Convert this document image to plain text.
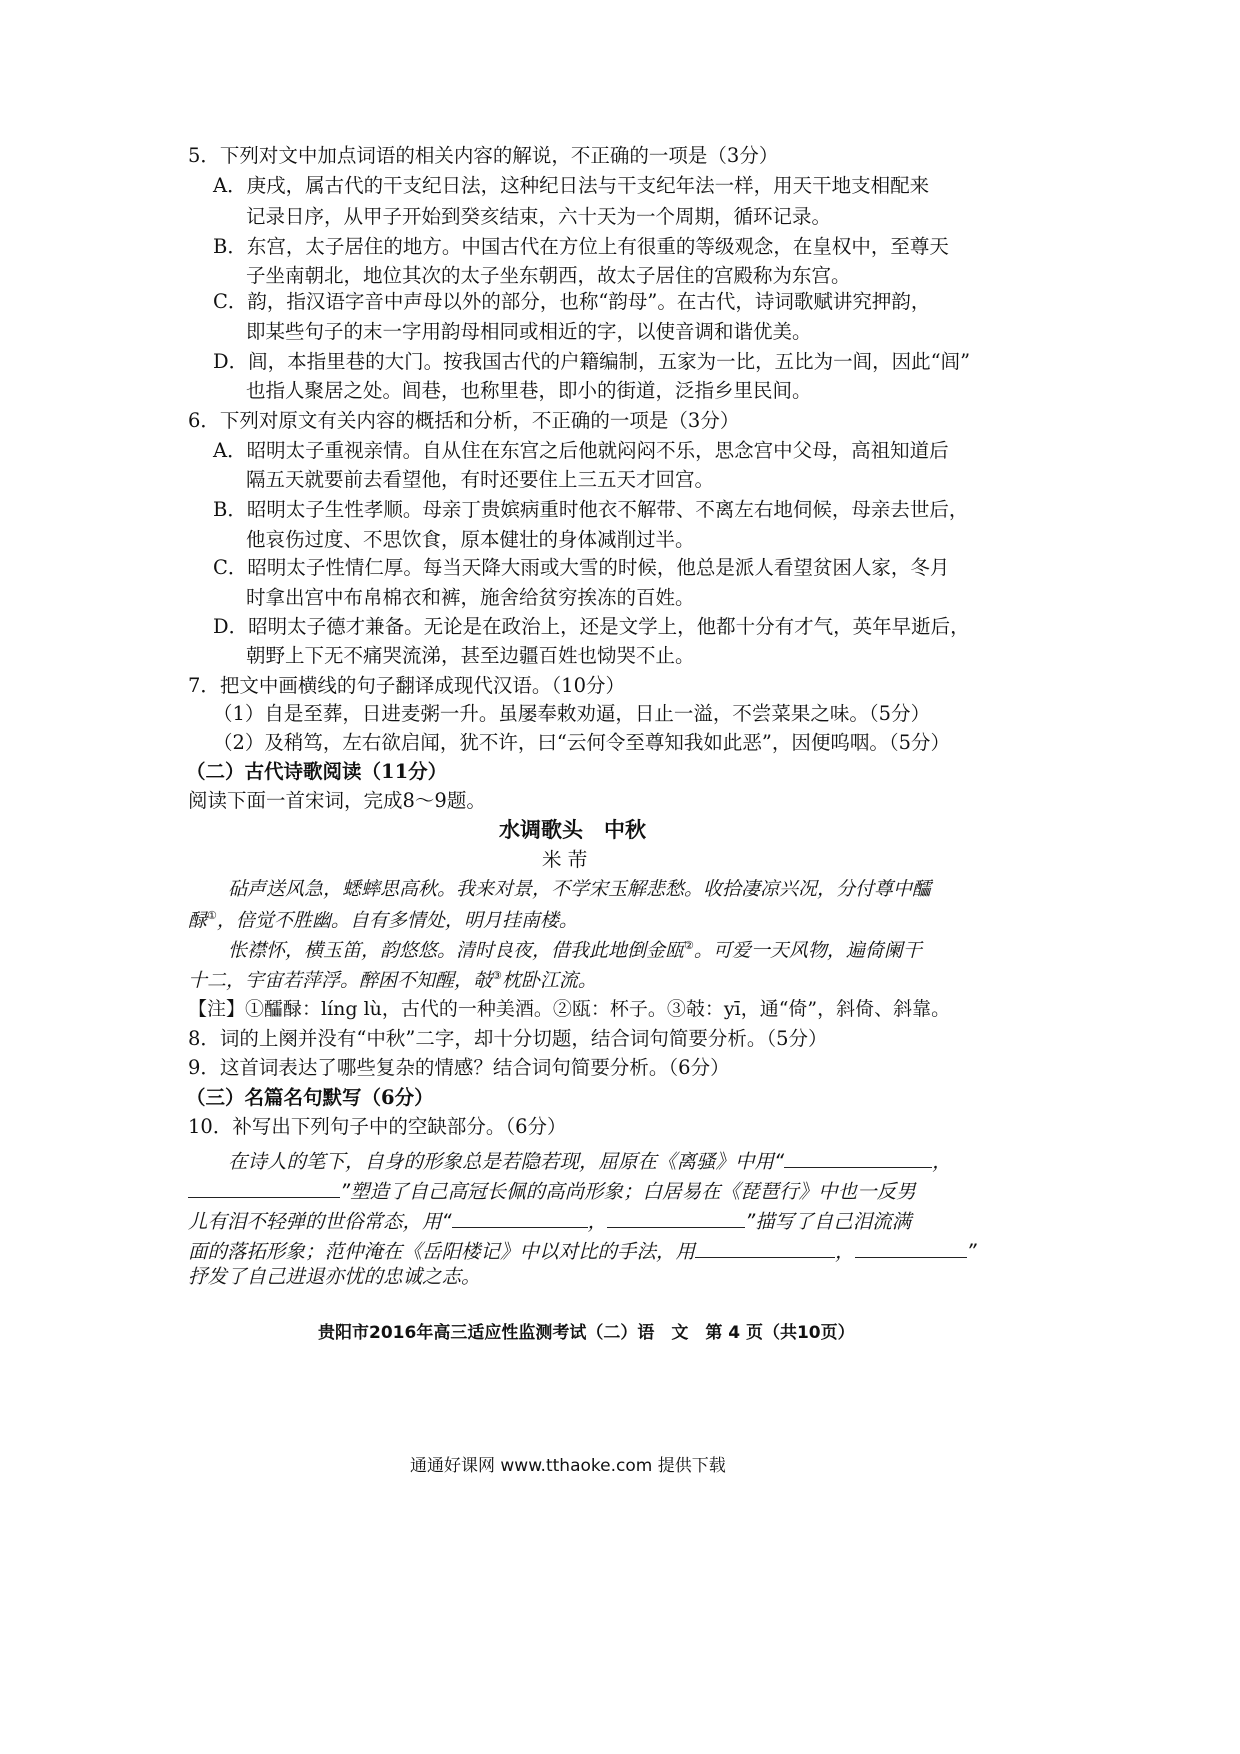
5．下列对文中加点词语的相关内容的解说，不正确的一项是（3分）
A．庚戌，属古代的干支纪日法，这种纪日法与干支纪年法一样，用天干地支相配来
记录日序，从甲子开始到癸亥结束，六十天为一个周期，循环记录。
B．东宫，太子居住的地方。中国古代在方位上有很重的等级观念，在皇权中，至尊天
子坐南朝北，地位其次的太子坐东朝西，故太子居住的宫殿称为东宫。
C．韵，指汉语字音中声母以外的部分，也称“韵母”。在古代，诗词歌赋讲究押韵，
即某些句子的末一字用韵母相同或相近的字，以使音调和谐优美。
D．闾，本指里巷的大门。按我国古代的户籍编制，五家为一比，五比为一闾，因此“闾”
也指人聚居之处。闾巷，也称里巷，即小的街道，泛指乡里民间。
6．下列对原文有关内容的概括和分析，不正确的一项是（3分）
A．昭明太子重视亲情。自从住在东宫之后他就闷闷不乐，思念宫中父母，高祖知道后
隔五天就要前去看望他，有时还要住上三五天才回宫。
B．昭明太子生性孝顺。母亲丁贵嫔病重时他衣不解带、不离左右地伺候，母亲去世后，
他哀伤过度、不思饮食，原本健壮的身体减削过半。
C．昭明太子性情仁厚。每当天降大雨或大雪的时候，他总是派人看望贫困人家，冬月
时拿出宫中布帛棉衣和裤，施舍给贫穷挨冻的百姓。
D．昭明太子德才兼备。无论是在政治上，还是文学上，他都十分有才气，英年早逝后，
朝野上下无不痛哭流涕，甚至边疆百姓也恸哭不止。
7．把文中画横线的句子翻译成现代汉语。（10分）
（1）自是至葬，日进麦粥一升。虽屡奉敕劝逼，日止一溢，不尝菜果之味。（5分）
（2）及稍笃，左右欲启闻，犹不许，曰“云何令至尊知我如此恶”，因便呜咽。（5分）
（二）古代诗歌阅读（11分）
阅读下面一首宋词，完成8～9题。
水调歌头　中秋
米 芾
砧声送风急，蟋蟀思高秋。我来对景，不学宋玉解悲愁。收拾凄凉兴况，分付尊中醽
醁①，倍觉不胜幽。自有多情处，明月挂南楼。
怅襟怀，横玉笛，韵悠悠。清时良夜，借我此地倒金瓯②。可爱一天风物，遍倚阑干
十二，宇宙若萍浮。醉困不知醒，攲③枕卧江流。
【注】①醽醁：líng lù，古代的一种美酒。②瓯：杯子。③攲：yī，通“倚”，斜倚、斜靠。
8．词的上阕并没有“中秋”二字，却十分切题，结合词句简要分析。（5分）
9．这首词表达了哪些复杂的情感？结合词句简要分析。（6分）
（三）名篇名句默写（6分）
10．补写出下列句子中的空缺部分。（6分）
在诗人的笔下，自身的形象总是若隐若现，屈原在《离骚》中用“	，
”塑造了自己高冠长佩的高尚形象；白居易在《琵琶行》中也一反男
儿有泪不轻弹的世俗常态，用“	，	”描写了自己泪流满
面的落拓形象；范仲淹在《岳阳楼记》中以对比的手法，用	，	”
抒发了自己进退亦忧的忠诚之志。
贵阳市2016年高三适应性监测考试（二）语　文　第 4 页（共10页）
通通好课网 www.tthaoke.com 提供下载
